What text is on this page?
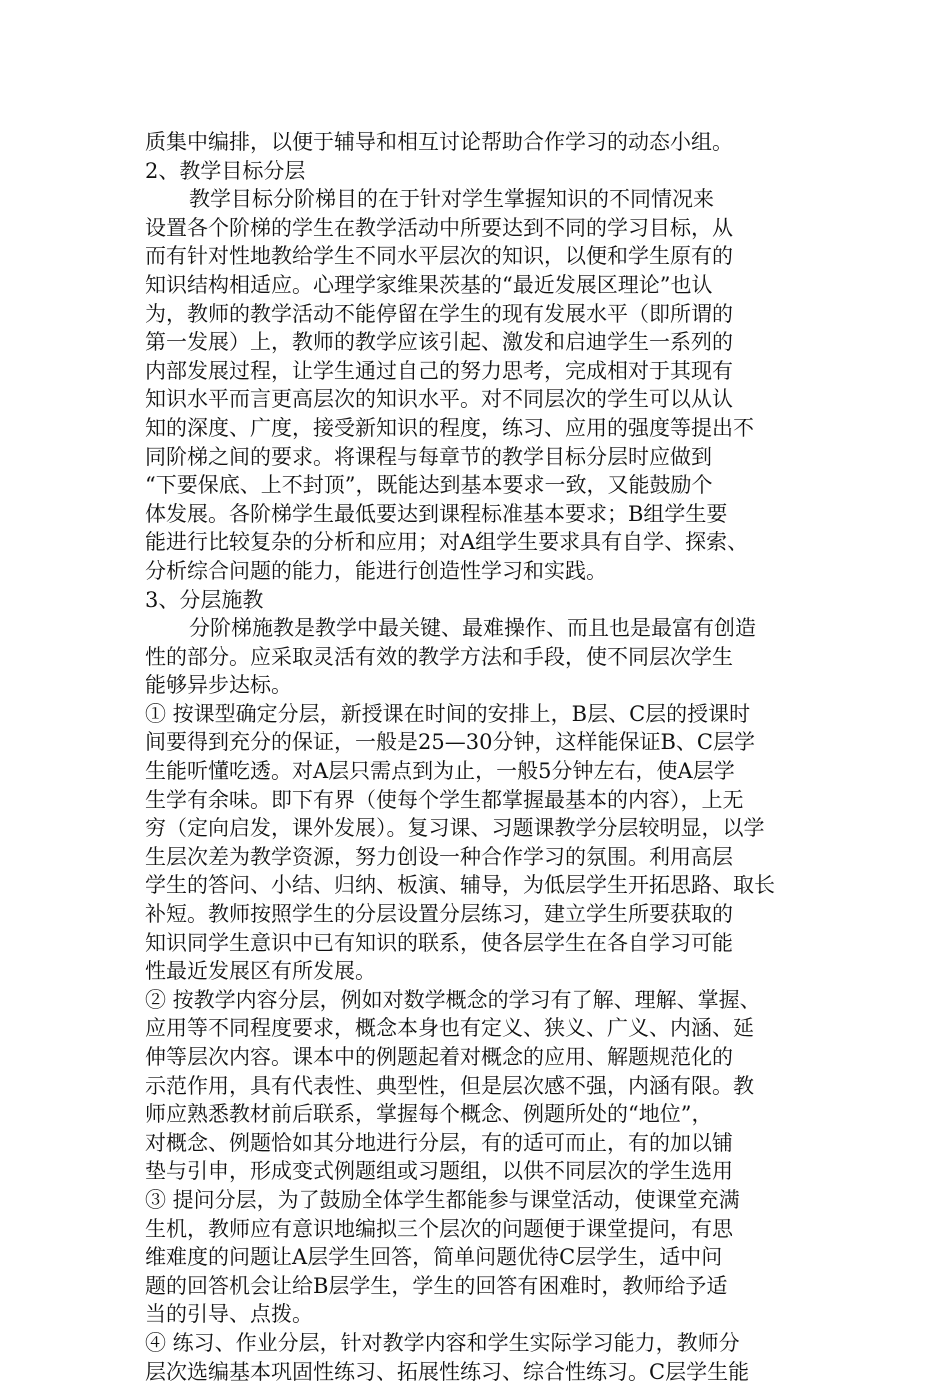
质集中编排，以便于辅导和相互讨论帮助合作学习的动态小组。
2、教学目标分层
教学目标分阶梯目的在于针对学生掌握知识的不同情况来
设置各个阶梯的学生在教学活动中所要达到不同的学习目标，从
而有针对性地教给学生不同水平层次的知识，以便和学生原有的
知识结构相适应。心理学家维果茨基的“最近发展区理论”也认
为，教师的教学活动不能停留在学生的现有发展水平（即所谓的
第一发展）上，教师的教学应该引起、激发和启迪学生一系列的
内部发展过程，让学生通过自己的努力思考，完成相对于其现有
知识水平而言更高层次的知识水平。对不同层次的学生可以从认
知的深度、广度，接受新知识的程度，练习、应用的强度等提出不
同阶梯之间的要求。将课程与每章节的教学目标分层时应做到
“下要保底、上不封顶”，既能达到基本要求一致，又能鼓励个
体发展。各阶梯学生最低要达到课程标准基本要求；B组学生要
能进行比较复杂的分析和应用；对A组学生要求具有自学、探索、
分析综合问题的能力，能进行创造性学习和实践。
3、分层施教
分阶梯施教是教学中最关键、最难操作、而且也是最富有创造
性的部分。应采取灵活有效的教学方法和手段，使不同层次学生
能够异步达标。
① 按课型确定分层，新授课在时间的安排上，B层、C层的授课时
间要得到充分的保证，一般是25—30分钟，这样能保证B、C层学
生能听懂吃透。对A层只需点到为止，一般5分钟左右，使A层学
生学有余味。即下有界（使每个学生都掌握最基本的内容），上无
穷（定向启发，课外发展）。复习课、习题课教学分层较明显，以学
生层次差为教学资源，努力创设一种合作学习的氛围。利用高层
学生的答问、小结、归纳、板演、辅导，为低层学生开拓思路、取长
补短。教师按照学生的分层设置分层练习，建立学生所要获取的
知识同学生意识中已有知识的联系，使各层学生在各自学习可能
性最近发展区有所发展。
② 按教学内容分层，例如对数学概念的学习有了解、理解、掌握、
应用等不同程度要求，概念本身也有定义、狭义、广义、内涵、延
伸等层次内容。课本中的例题起着对概念的应用、解题规范化的
示范作用，具有代表性、典型性，但是层次感不强，内涵有限。教
师应熟悉教材前后联系，掌握每个概念、例题所处的“地位”，
对概念、例题恰如其分地进行分层，有的适可而止，有的加以铺
垫与引申，形成变式例题组或习题组，以供不同层次的学生选用
③ 提问分层，为了鼓励全体学生都能参与课堂活动，使课堂充满
生机，教师应有意识地编拟三个层次的问题便于课堂提问，有思
维难度的问题让A层学生回答，简单问题优待C层学生，适中问
题的回答机会让给B层学生，学生的回答有困难时，教师给予适
当的引导、点拨。
④ 练习、作业分层，针对教学内容和学生实际学习能力，教师分
层次选编基本巩固性练习、拓展性练习、综合性练习。C层学生能
